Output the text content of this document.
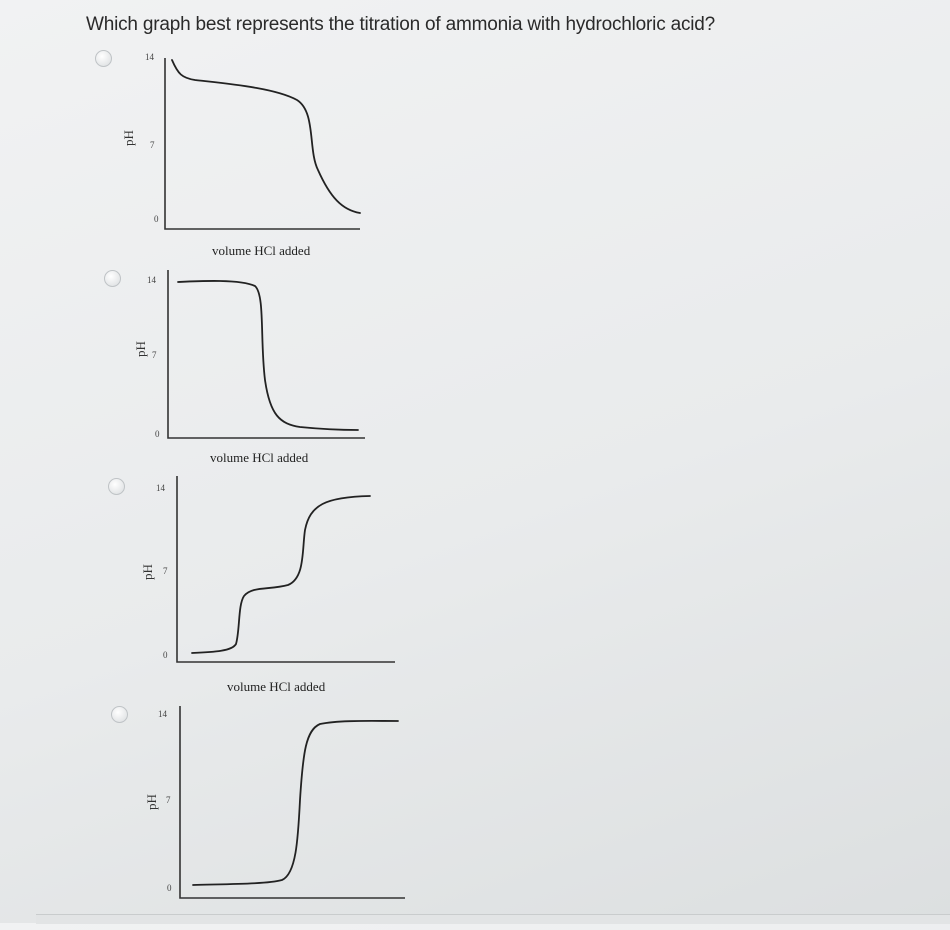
Which graph best represents the titration of ammonia with hydrochloric acid?
14
7
0
pH
volume HCl added
14
7
0
pH
volume HCl added
14
7
0
pH
volume HCl added
14
7
0
pH
